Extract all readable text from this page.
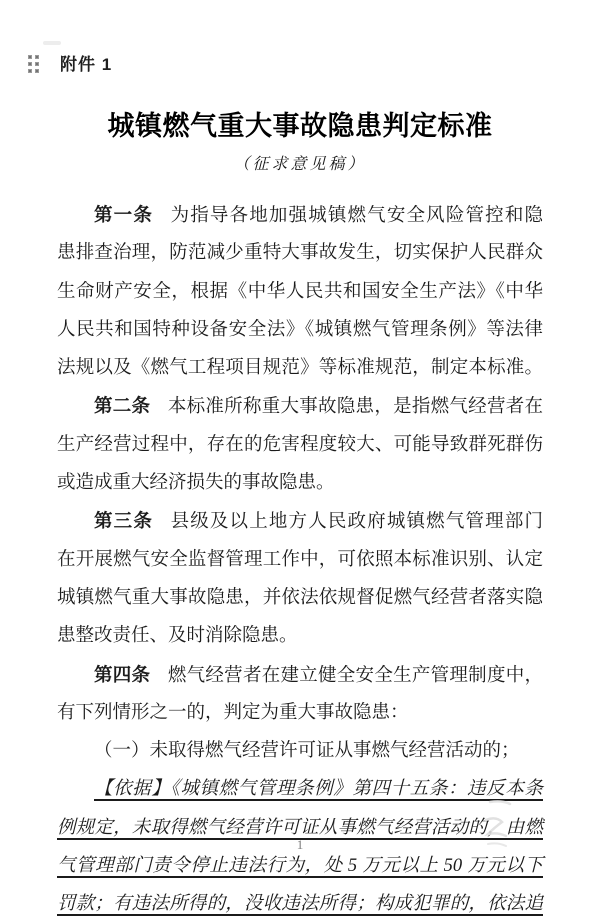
附件 1
城镇燃气重大事故隐患判定标准
（征求意见稿）
第一条 为指导各地加强城镇燃气安全风险管控和隐
患排查治理，防范减少重特大事故发生，切实保护人民群众
生命财产安全，根据《中华人民共和国安全生产法》《中华
人民共和国特种设备安全法》《城镇燃气管理条例》等法律
法规以及《燃气工程项目规范》等标准规范，制定本标准。
第二条 本标准所称重大事故隐患，是指燃气经营者在
生产经营过程中，存在的危害程度较大、可能导致群死群伤
或造成重大经济损失的事故隐患。
第三条 县级及以上地方人民政府城镇燃气管理部门
在开展燃气安全监督管理工作中，可依照本标准识别、认定
城镇燃气重大事故隐患，并依法依规督促燃气经营者落实隐
患整改责任、及时消除隐患。
第四条 燃气经营者在建立健全安全生产管理制度中，
有下列情形之一的，判定为重大事故隐患：
（一）未取得燃气经营许可证从事燃气经营活动的；
【依据】《城镇燃气管理条例》第四十五条：违反本条
例规定，未取得燃气经营许可证从事燃气经营活动的，由燃
气管理部门责令停止违法行为，处 5 万元以上 50 万元以下
罚款；有违法所得的，没收违法所得；构成犯罪的，依法追
1
